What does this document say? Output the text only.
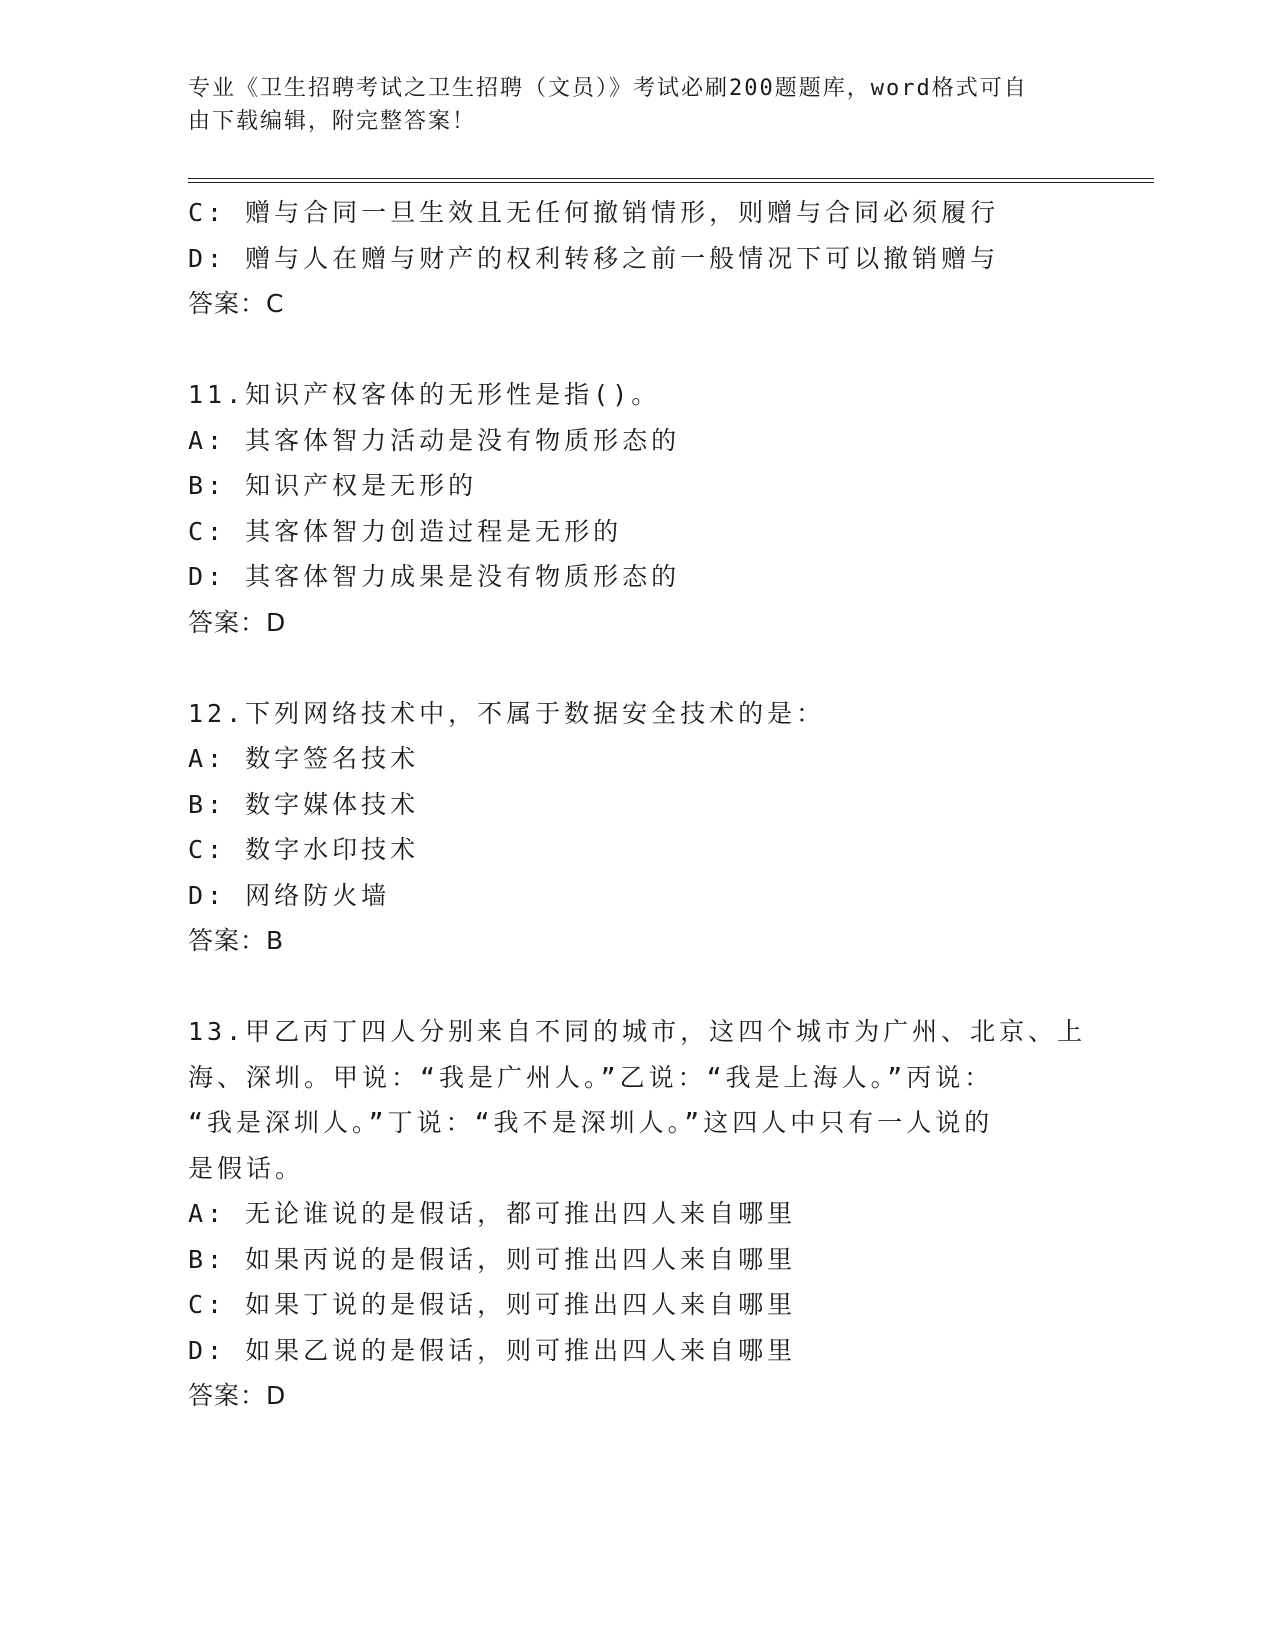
专业《卫生招聘考试之卫生招聘（文员）》考试必刷200题题库，word格式可自
由下载编辑，附完整答案！
C: 赠与合同一旦生效且无任何撤销情形，则赠与合同必须履行
D: 赠与人在赠与财产的权利转移之前一般情况下可以撤销赠与
答案：C
11.知识产权客体的无形性是指()。
A: 其客体智力活动是没有物质形态的
B: 知识产权是无形的
C: 其客体智力创造过程是无形的
D: 其客体智力成果是没有物质形态的
答案：D
12.下列网络技术中，不属于数据安全技术的是：
A: 数字签名技术
B: 数字媒体技术
C: 数字水印技术
D: 网络防火墙
答案：B
13.甲乙丙丁四人分别来自不同的城市，这四个城市为广州、北京、上
海、深圳。甲说：“我是广州人。”乙说：“我是上海人。”丙说：
“我是深圳人。”丁说：“我不是深圳人。”这四人中只有一人说的
是假话。
A: 无论谁说的是假话，都可推出四人来自哪里
B: 如果丙说的是假话，则可推出四人来自哪里
C: 如果丁说的是假话，则可推出四人来自哪里
D: 如果乙说的是假话，则可推出四人来自哪里
答案：D
